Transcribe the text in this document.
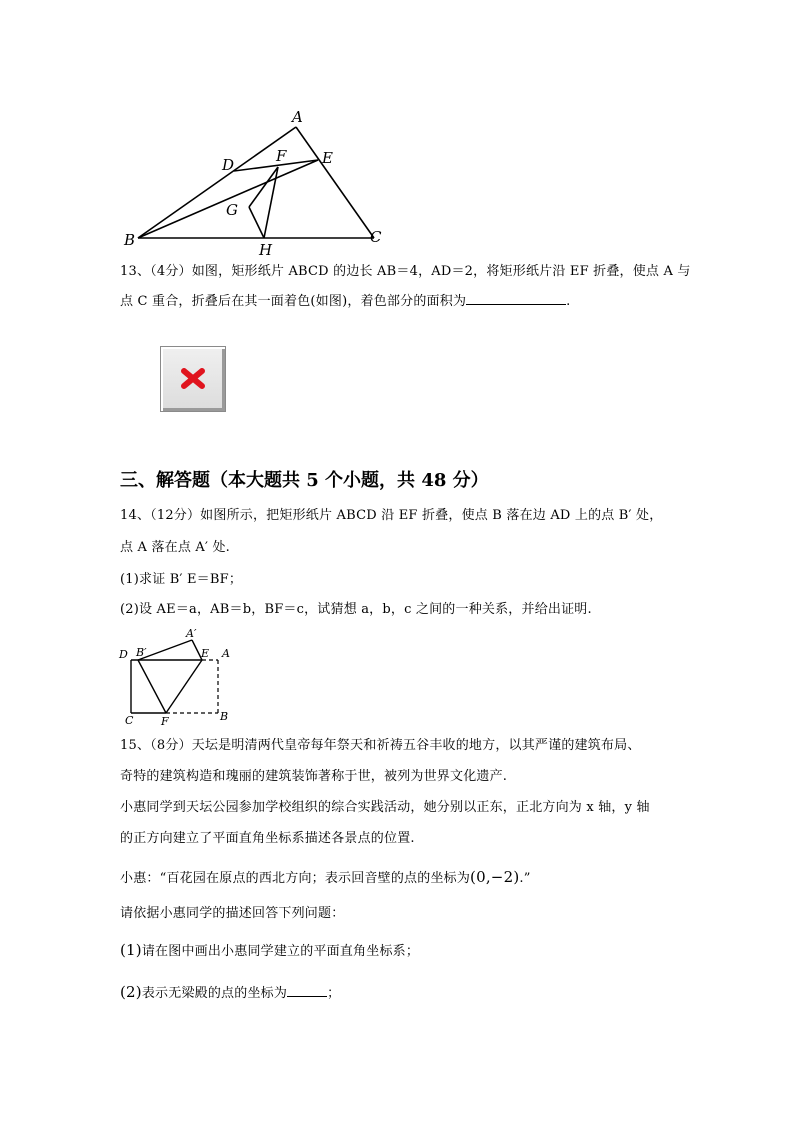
A
D	F E
G
B
H
C
13、（4分）如图，矩形纸片 ABCD 的边长 AB＝4，AD＝2，将矩形纸片沿 EF 折叠，使点 A 与
点 C 重合，折叠后在其一面着色(如图)，着色部分的面积为	.
三、解答题（本大题共 5 个小题，共 48 分）
14、（12分）如图所示，把矩形纸片 ABCD 沿 EF 折叠，使点 B 落在边 AD 上的点 B′ 处，
点 A 落在点 A′ 处.
(1)求证 B′ E＝BF；
(2)设 AE＝a，AB＝b，BF＝c，试猜想 a，b，c 之间的一种关系，并给出证明.
D B′
A′
E A
C	F	B
15、（8分）天坛是明清两代皇帝每年祭天和祈祷五谷丰收的地方，以其严谨的建筑布局、
奇特的建筑构造和瑰丽的建筑装饰著称于世，被列为世界文化遗产.
小惠同学到天坛公园参加学校组织的综合实践活动，她分别以正东，正北方向为 x 轴，y 轴
的正方向建立了平面直角坐标系描述各景点的位置.
小惠：“百花园在原点的西北方向；表示回音壁的点的坐标为(0,−2).”
请依据小惠同学的描述回答下列问题：
(1)请在图中画出小惠同学建立的平面直角坐标系；
(2)表示无梁殿的点的坐标为	；
